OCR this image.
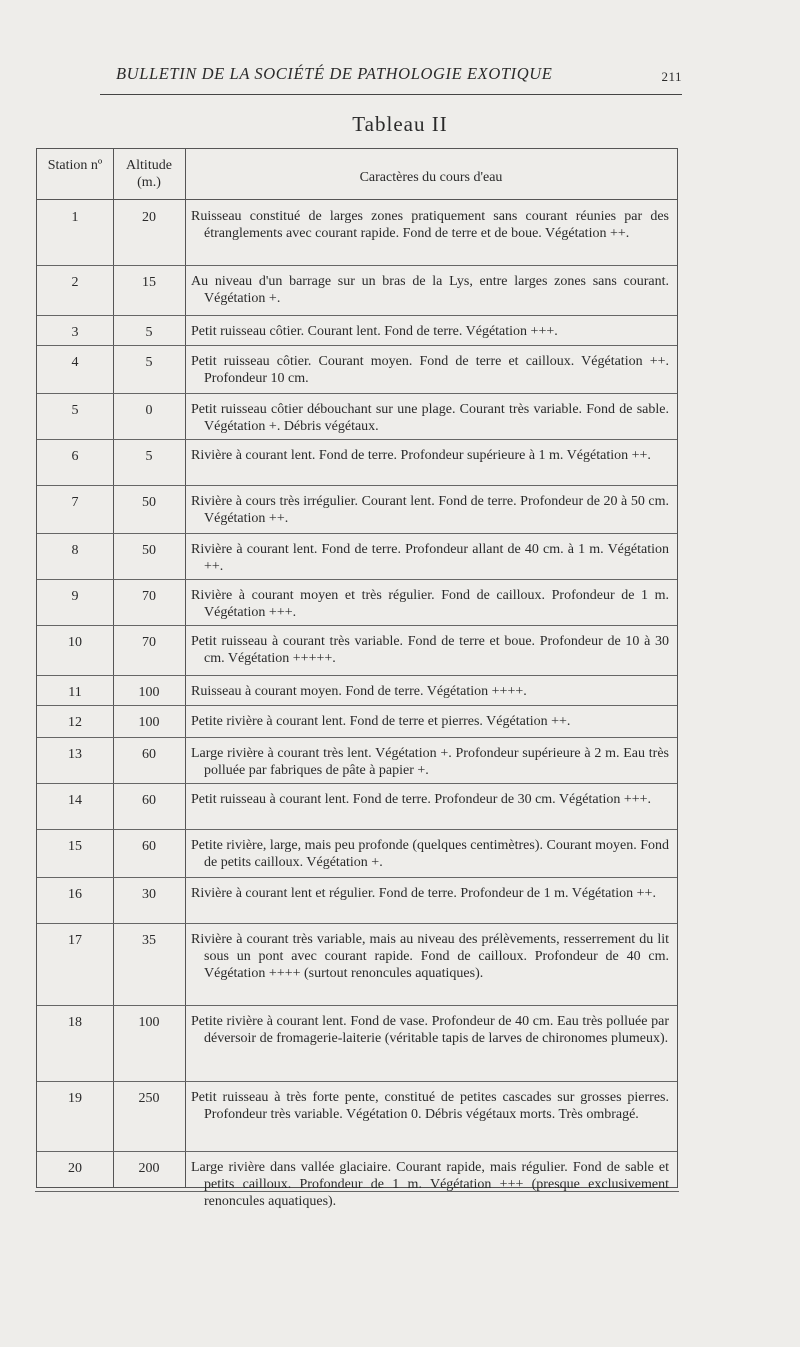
BULLETIN DE LA SOCIÉTÉ DE PATHOLOGIE EXOTIQUE	211
Tableau II
Station nº	Altitude (m.)	Caractères du cours d'eau
1	20	Ruisseau constitué de larges zones pratiquement sans courant réunies par des étranglements avec courant rapide. Fond de terre et de boue. Végétation ++.
2	15	Au niveau d'un barrage sur un bras de la Lys, entre larges zones sans courant. Végétation +.
3	5	Petit ruisseau côtier. Courant lent. Fond de terre. Végétation +++.
4	5	Petit ruisseau côtier. Courant moyen. Fond de terre et cailloux. Végétation ++. Profondeur 10 cm.
5	0	Petit ruisseau côtier débouchant sur une plage. Courant très variable. Fond de sable. Végétation +. Débris végétaux.
6	5	Rivière à courant lent. Fond de terre. Profondeur supérieure à 1 m. Végétation ++.
7	50	Rivière à cours très irrégulier. Courant lent. Fond de terre. Profondeur de 20 à 50 cm. Végétation ++.
8	50	Rivière à courant lent. Fond de terre. Profondeur allant de 40 cm. à 1 m. Végétation ++.
9	70	Rivière à courant moyen et très régulier. Fond de cailloux. Profondeur de 1 m. Végétation +++.
10	70	Petit ruisseau à courant très variable. Fond de terre et boue. Profondeur de 10 à 30 cm. Végétation +++++.
11	100	Ruisseau à courant moyen. Fond de terre. Végétation ++++.
12	100	Petite rivière à courant lent. Fond de terre et pierres. Végétation ++.
13	60	Large rivière à courant très lent. Végétation +. Profondeur supérieure à 2 m. Eau très polluée par fabriques de pâte à papier +.
14	60	Petit ruisseau à courant lent. Fond de terre. Profondeur de 30 cm. Végétation +++.
15	60	Petite rivière, large, mais peu profonde (quelques centimètres). Courant moyen. Fond de petits cailloux. Végétation +.
16	30	Rivière à courant lent et régulier. Fond de terre. Profondeur de 1 m. Végétation ++.
17	35	Rivière à courant très variable, mais au niveau des prélèvements, resserrement du lit sous un pont avec courant rapide. Fond de cailloux. Profondeur de 40 cm. Végétation ++++ (surtout renoncules aquatiques).
18	100	Petite rivière à courant lent. Fond de vase. Profondeur de 40 cm. Eau très polluée par déversoir de fromagerie-laiterie (véritable tapis de larves de chironomes plumeux).
19	250	Petit ruisseau à très forte pente, constitué de petites cascades sur grosses pierres. Profondeur très variable. Végétation 0. Débris végétaux morts. Très ombragé.
20	200	Large rivière dans vallée glaciaire. Courant rapide, mais régulier. Fond de sable et petits cailloux. Profondeur de 1 m. Végétation +++ (presque exclusivement renoncules aquatiques).
